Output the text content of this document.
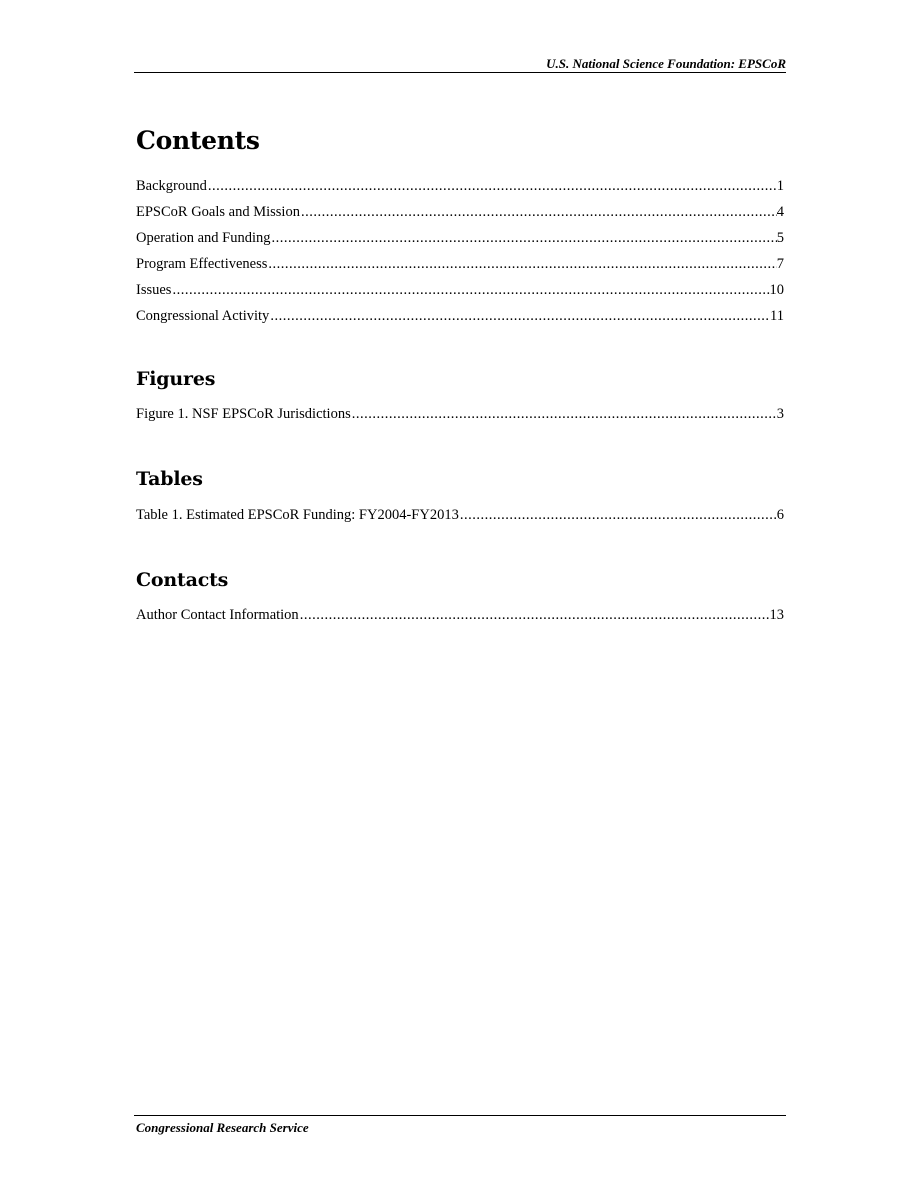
U.S. National Science Foundation: EPSCoR
Contents
Background .....	1
EPSCoR Goals and Mission .....	4
Operation and Funding .....	5
Program Effectiveness .....	7
Issues .....	10
Congressional Activity .....	11
Figures
Figure 1. NSF EPSCoR Jurisdictions .....	3
Tables
Table 1. Estimated EPSCoR Funding: FY2004-FY2013 .....	6
Contacts
Author Contact Information .....	13
Congressional Research Service
